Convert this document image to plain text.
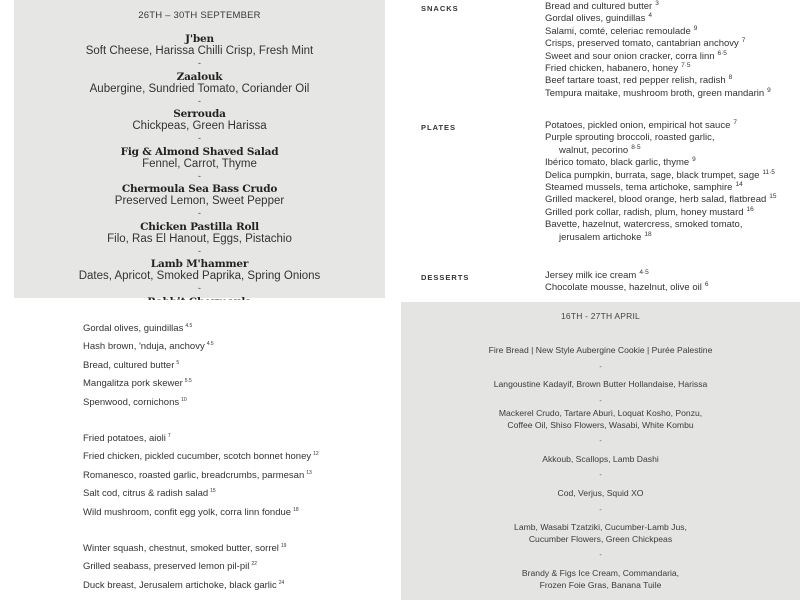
26TH – 30TH SEPTEMBER
J'ben
Soft Cheese, Harissa Chilli Crisp, Fresh Mint
-
Zaalouk
Aubergine, Sundried Tomato, Coriander Oil
-
Serrouda
Chickpeas, Green Harissa
-
Fig & Almond Shaved Salad
Fennel, Carrot, Thyme
-
Chermoula Sea Bass Crudo
Preserved Lemon, Sweet Pepper
-
Chicken Pastilla Roll
Filo, Ras El Hanout, Eggs, Pistachio
-
Lamb M'hammer
Dates, Apricot, Smoked Paprika, Spring Onions
-
SNACKS	Bread and cultured butter $^3$
Gordal olives, guindillas $^4$
Salami, comté, celeriac remoulade $^9$
Crisps, preserved tomato, cantabrian anchovy $^7$
Sweet and sour onion cracker, corra linn $^{6\cdot 5}$
Fried chicken, habanero, honey $^{7\cdot 5}$
Beef tartare toast, red pepper relish, radish $^8$
Tempura maitake, mushroom broth, green mandarin $^9$
PLATES	Potatoes, pickled onion, empirical hot sauce $^7$
Purple sprouting broccoli, roasted garlic,
walnut, pecorino $^{8\cdot 5}$
Ibérico tomato, black garlic, thyme $^9$
Delica pumpkin, burrata, sage, black trumpet, sage $^{11\cdot 5}$
Steamed mussels, tema artichoke, samphire $^{14}$
Grilled mackerel, blood orange, herb salad, flatbread $^{15}$
Grilled pork collar, radish, plum, honey mustard $^{16}$
Bavette, hazelnut, watercress, smoked tomato,
jerusalem artichoke $^{18}$
DESSERTS	Jersey milk ice cream $^{4\cdot 5}$
Chocolate mousse, hazelnut, olive oil $^6$
Gordal olives, guindillas $^{4.5}$
Hash brown, 'nduja, anchovy $^{4.5}$
Bread, cultured butter $^5$
Mangalitza pork skewer $^{5.5}$
Spenwood, cornichons $^{10}$
Fried potatoes, aioli $^7$
Fried chicken, pickled cucumber, scotch bonnet honey $^{12}$
Romanesco, roasted garlic, breadcrumbs, parmesan $^{13}$
Salt cod, citrus & radish salad $^{15}$
Wild mushroom, confit egg yolk, corra linn fondue $^{18}$
Winter squash, chestnut, smoked butter, sorrel $^{19}$
Grilled seabass, preserved lemon pil-pil $^{22}$
Duck breast, Jerusalem artichoke, black garlic $^{24}$
16TH - 27TH APRIL
Fire Bread | New Style Aubergine Cookie | Purée Palestine
-
Langoustine Kadayif, Brown Butter Hollandaise, Harissa
-
Mackerel Crudo, Tartare Aburi, Loquat Kosho, Ponzu,
Coffee Oil, Shiso Flowers, Wasabi, White Kombu
-
Akkoub, Scallops, Lamb Dashi
-
Cod, Verjus, Squid XO
-
Lamb, Wasabi Tzatziki, Cucumber-Lamb Jus,
Cucumber Flowers, Green Chickpeas
-
Brandy & Figs Ice Cream, Commandaria,
Frozen Foie Gras, Banana Tuile
